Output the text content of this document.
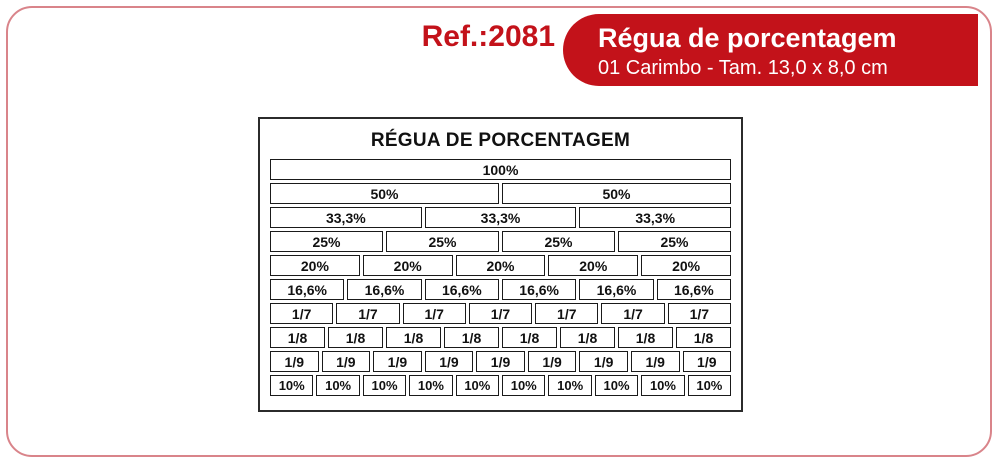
Ref.:2081 Régua de porcentagem
01 Carimbo - Tam. 13,0 x 8,0 cm
RÉGUA DE PORCENTAGEM
100%
50%	50%
33,3%	33,3%	33,3%
25%	25%	25%	25%
20%	20%	20%	20%	20%
16,6%	16,6%	16,6%	16,6%	16,6%	16,6%
1/7	1/7	1/7	1/7	1/7	1/7	1/7
1/8	1/8	1/8	1/8	1/8	1/8	1/8	1/8
1/9	1/9	1/9	1/9	1/9	1/9	1/9	1/9	1/9
10%	10%	10%	10%	10%	10%	10%	10%	10%	10%
